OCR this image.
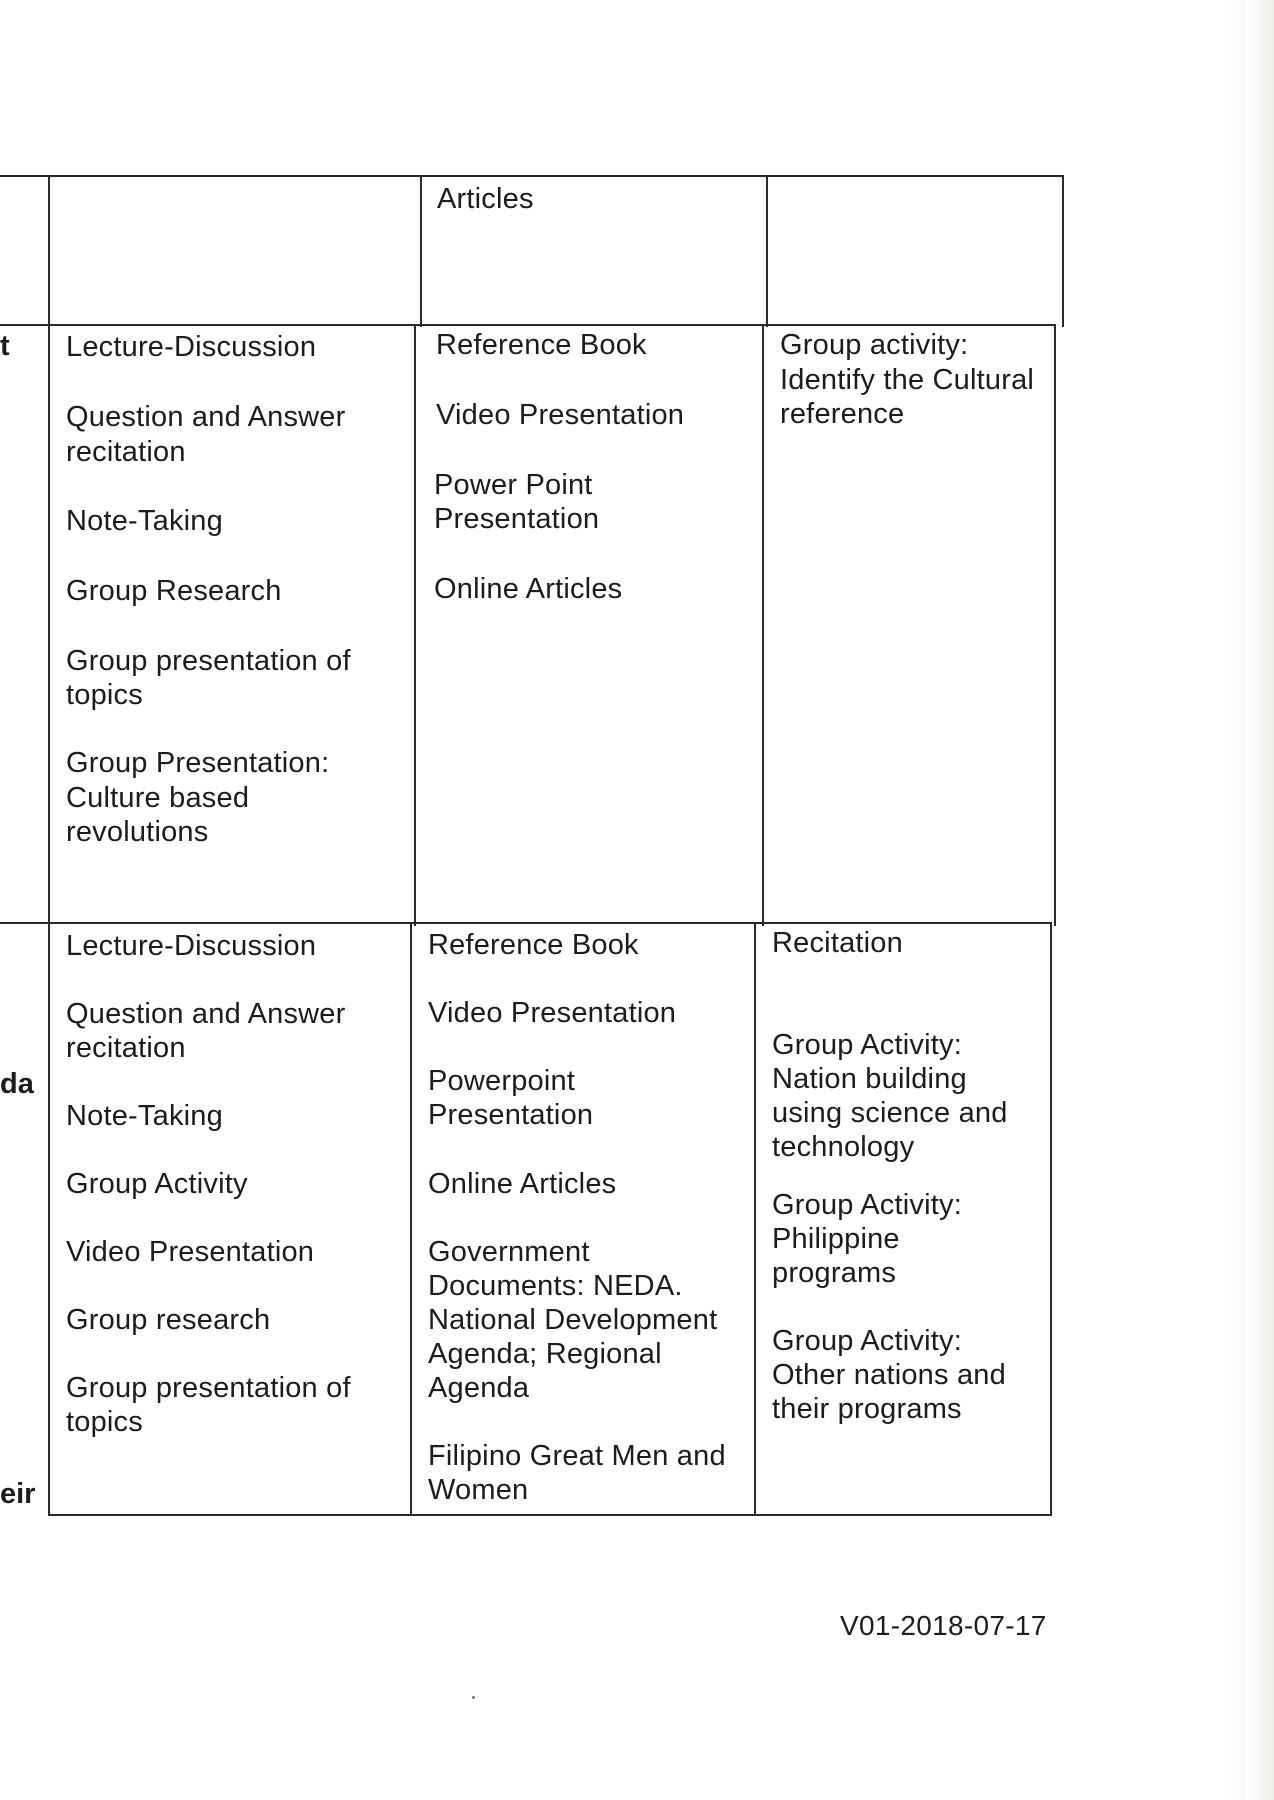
Articles
t Lecture-Discussion
Question and Answer
recitation
Note-Taking
Group Research
Group presentation of
topics
Group Presentation:
Culture based
revolutions
Reference Book
Video Presentation
Power Point
Presentation
Online Articles
Group activity:
Identify the Cultural
reference
da
eir
Lecture-Discussion
Question and Answer
recitation
Note-Taking
Group Activity
Video Presentation
Group research
Group presentation of
topics
Reference Book
Video Presentation
Powerpoint
Presentation
Online Articles
Government
Documents: NEDA.
National Development
Agenda; Regional
Agenda
Filipino Great Men and
Women
Recitation
Group Activity:
Nation building
using science and
technology
Group Activity:
Philippine
programs
Group Activity:
Other nations and
their programs
V01-2018-07-17
